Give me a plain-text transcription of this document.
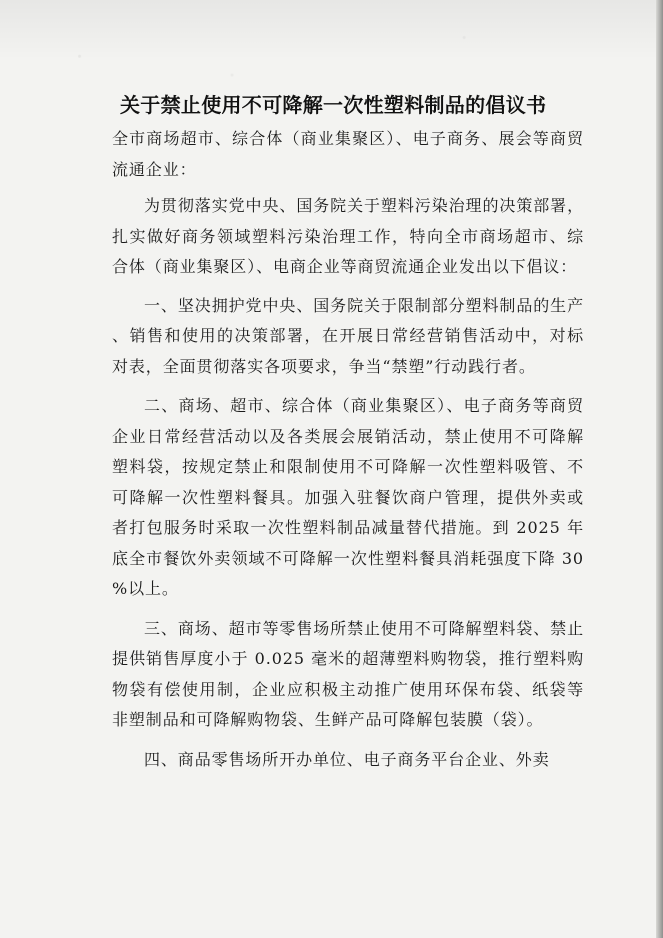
关于禁止使用不可降解一次性塑料制品的倡议书

全市商场超市、综合体（商业集聚区）、电子商务、展会等商贸流通企业：

为贯彻落实党中央、国务院关于塑料污染治理的决策部署，扎实做好商务领域塑料污染治理工作，特向全市商场超市、综合体（商业集聚区）、电商企业等商贸流通企业发出以下倡议：

一、坚决拥护党中央、国务院关于限制部分塑料制品的生产、销售和使用的决策部署，在开展日常经营销售活动中，对标对表，全面贯彻落实各项要求，争当“禁塑”行动践行者。

二、商场、超市、综合体（商业集聚区）、电子商务等商贸企业日常经营活动以及各类展会展销活动，禁止使用不可降解塑料袋，按规定禁止和限制使用不可降解一次性塑料吸管、不可降解一次性塑料餐具。加强入驻餐饮商户管理，提供外卖或者打包服务时采取一次性塑料制品减量替代措施。到 2025 年底全市餐饮外卖领域不可降解一次性塑料餐具消耗强度下降 30%以上。

三、商场、超市等零售场所禁止使用不可降解塑料袋、禁止提供销售厚度小于 0.025 毫米的超薄塑料购物袋，推行塑料购物袋有偿使用制，企业应积极主动推广使用环保布袋、纸袋等非塑制品和可降解购物袋、生鲜产品可降解包装膜（袋）。

四、商品零售场所开办单位、电子商务平台企业、外卖
